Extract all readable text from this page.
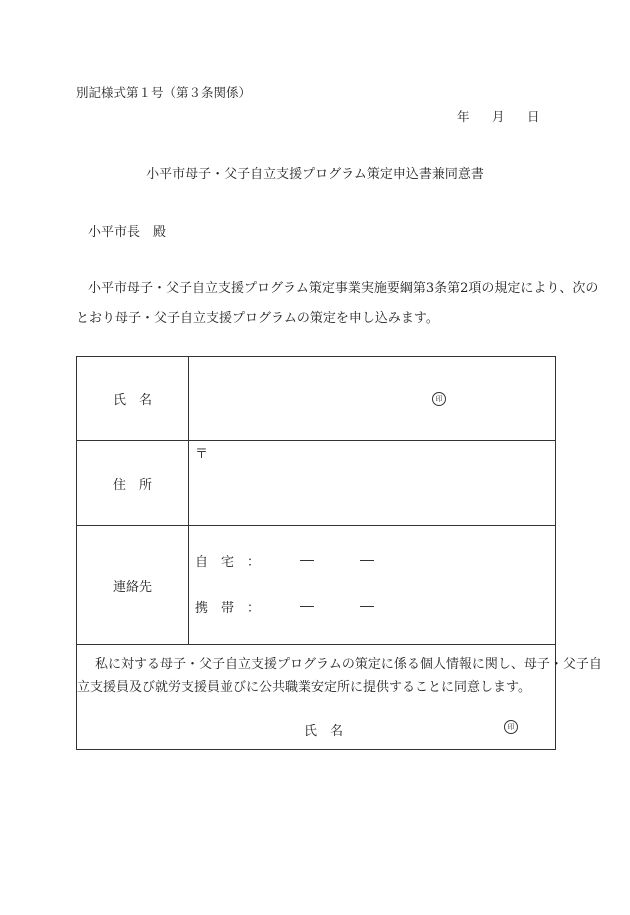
別記様式第１号（第３条関係）
年 月 日
小平市母子・父子自立支援プログラム策定申込書兼同意書
小平市長　殿
小平市母子・父子自立支援プログラム策定事業実施要綱第3条第2項の規定により、次の
とおり母子・父子自立支援プログラムの策定を申し込みます。
氏　名	印

住　所	〒

連絡先	自　宅　：
携　帯　：

私に対する母子・父子自立支援プログラムの策定に係る個人情報に関し、母子・父子自
立支援員及び就労支援員並びに公共職業安定所に提供することに同意します。
氏　名 印	
